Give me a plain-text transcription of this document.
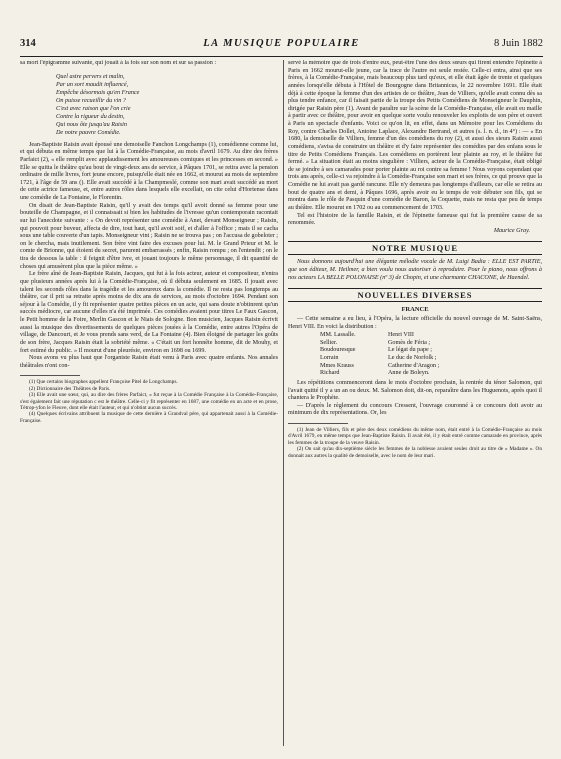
314	LA MUSIQUE POPULAIRE	8 Juin 1882

sa mort l'épigramme suivante, qui jouait à la fois sur son nom et sur sa passion :

Quel astre pervers et malin,

Par un sort maudit influencé,

Empêche désormais qu'en France

On puisse recueillir du vin ?

C'est avec raison que l'on crie

Contre la rigueur du destin,

Qui nous ôte jusqu'au Raisin

De notre pauvre Comédie.

Jean-Baptiste Raisin avait épousé une demoiselle Fanchon Longchamps (1), comédienne comme lui, et qui débuta en même temps que lui à la Comédie-Française, au mois d'avril 1679. Au dire des frères Parfaict (2), « elle remplit avec applaudissement les amoureuses comiques et les princesses en second. » Elle se quitta le théâtre qu'au bout de vingt-deux ans de service, à Pâques 1701, se retira avec la pension ordinaire de mille livres, fort jeune encore, puisqu'elle était née en 1662, et mourut au mois de septembre 1721, à l'âge de 59 ans (). Elle avait succédé à la Champmeslé, comme son mari avait succédé au mort de cette actrice fameuse, et, entre autres rôles dans lesquels elle excellait, on cite celui d'Hortense dans une comédie de La Fontaine, le Florentin.

On disait de Jean-Baptiste Raisin, qu'il y avait des temps qu'il avoit donné sa femme pour une bouteille de Champagne, et il connaissait si bien les habitudes de l'ivresse qu'un contemporain racontait sur lui l'anecdote suivante : « On devoit représenter une comédie à Anet, devant Monseigneur ; Raisin, qui pouvoit pour buveur, affecta de dire, tout haut, qu'il avoit soif, et d'aller à l'office ; mais il se cacha sous une table couverte d'un tapis. Monseigneur vint ; Raisin ne se trouva pas ; on l'accusa de gobeloter ; on le chercha, mais inutilement. Son frère vint faire des excuses pour lui. M. le Grand Prieur et M. le comte de Brionne, qui étoient du secret, parurent embarrassés ; enfin, Raisin rompu ; on l'entendit ; on le tira de dessous la table : il feignit d'être ivre, et jouant toujours le même personnage, il dit quantité de choses qui amusèrent plus que la pièce même. »

Le frère aîné de Jean-Baptiste Raisin, Jacques, qui fut à la fois acteur, auteur et compositeur, n'entra que plusieurs années après lui à la Comédie-Française, où il débuta seulement en 1685. Il jouait avec talent les seconds rôles dans la tragédie et les amoureux dans la comédie. Il ne resta pas longtemps au théâtre, car il prit sa retraite après moins de dix ans de services, au mois d'octobre 1694. Pendant son séjour à la Comédie, il y fit représenter quatre petites pièces en un acte, qui sans doute n'obtinrent qu'un succès médiocre, car aucune d'elles n'a été imprimée. Ces comédies avaient pour titres Le Faux Gascon, le Petit homme de la Foire, Merlin Gascon et le Niais de Sologne. Bon musicien, Jacques Raisin écrivit aussi la musique des divertissements de quelques pièces jouées à la Comédie, entre autres l'Opéra de village, de Dancourt, et Je vous prends sans verd, de La Fontaine (4). Bien éloigné de partager les goûts de son frère, Jacques Raisin était la sobriété même. « C'était un fort honnête homme, dit de Mouhy, et fort estimé du public. » Il mourut d'une pleurésie, environ en 1698 ou 1699.

Nous avons vu plus haut que l'organiste Raisin était venu à Paris avec quatre enfants. Nos annales théâtrales n'ont con-

(1) Que certains biographes appellent Françoise Pitel de Longchamps.

(2) Dictionnaire des Théâtres de Paris.

(3) Elle avait une sœur, qui, au dire des frères Parfaict, « fut reçue à la Comédie Française à la Comédie-Française, s'est également fait une réputation c est le théâtre. Celle-ci y fit représenter en 1687, une comédie en un acte et en prose, Tétrop-yfon le Fleuve, dont elle était l'auteur, et qui n'obtint aucun succès.

(4) Quelques écrivains attribuent la musique de cette dernière à Grandval père, qui appartenait aussi à la Comédie-Française.

servé la mémoire que de trois d'entre eux, peut-être l'une des deux sœurs qui firent entendre l'épinette à Paris en 1662 mourut-elle jeune, car la trace de l'autre est seule restée. Celle-ci entra, ainsi que ses frères, à la Comédie-Française, mais beaucoup plus tard qu'eux, et elle était âgée de trente et quelques années lorsqu'elle débuta à l'Hôtel de Bourgogne dans Britannicus, le 22 novembre 1691. Elle était déjà à cette époque la femme d'un des artistes de ce théâtre, Jean de Villiers, qu'elle avait connu dès sa plus tendre enfance, car il faisait partie de la troupe des Petits Comédiens de Monseigneur le Dauphin, dirigée par Raisin père (1). Avant de paraître sur la scène de la Comédie-Française, elle avait eu maille à partir avec ce théâtre, pour avoir en quelque sorte voulu renouveler les exploits de son père et ouvert à Paris un spectacle d'enfants. Voici ce qu'on lit, en effet, dans un Mémoire pour les Comédiens du Roy, contre Charles Dollet, Antoine Laplace, Alexandre Bertrand, et autres (s. l. n. d., in 4°) : — « En 1680, la demoiselle de Villiers, femme d'un des comédiens du roy (2), et aussi des sieurs Raisin aussi comédiens, s'avisa de construire un théâtre et d'y faire représenter des comédies par des enfans sous le titre de Petits Comédiens Français. Les comédiens en portèrent leur plainte au roy, et le théâtre fut fermé. » La situation était au moins singulière : Villiers, acteur de la Comédie-Française, était obligé de se joindre à ses camarades pour porter plainte au roi contre sa femme ! Nous voyons cependant que trois ans après, celle-ci va rejoindre à la Comédie-Française son mari et ses frères, ce qui prouve que la Comédie ne lui avait pas gardé rancune. Elle n'y demeura pas longtemps d'ailleurs, car elle se retira au bout de quatre ans et demi, à Pâques 1696, après avoir eu le temps de voir débuter son fils, qui se montra dans le rôle de Pasquin d'une comédie de Baron, la Coquette, mais ne resta que peu de temps au théâtre. Elle mourut en 1702 ou au commencement de 1703.

Tel est l'histoire de la famille Raisin, et de l'épinette fameuse qui fut la première cause de sa renommée.

Maurice Gray.

NOTRE MUSIQUE

Nous donnons aujourd'hui une élégante mélodie vocale de M. Luigi Badia : ELLE EST PARTIE, que son éditeur, M. Heilmer, a bien voulu nous autoriser à reproduire. Pour le piano, nous offrons à nos acteurs LA BELLE POLONAISE (nº 3) de Chopin, et une charmante CHACONE, de Haendel.

NOUVELLES DIVERSES
FRANCE

— Cette semaine a eu lieu, à l'Opéra, la lecture officielle du nouvel ouvrage de M. Saint-Saëns, Henri VIII. En voici la distribution :

MM. Lassalle.	Henri VIII
Sellier.	Gomès de Féria ;
Boudouresque	Le légat du pape ;
Lorrain	Le duc de Norfolk ;
Mmes Krauss	Catherine d'Aragon ;
Richard	Anne de Boleyn.

Les répétitions commenceront dans le mois d'octobre prochain, la rentrée du ténor Salomon, qui l'avait quitté il y a un an ou deux. M. Salomon doit, dit-on, reparaître dans les Huguenots, après quoi il chantera le Prophète.

— D'après le règlement du concours Cressent, l'ouvrage couronné à ce concours doit avoir au minimum de dix représentations. Or, les

(1) Jean de Villiers, fils et père des deux comédiens du même nom, était entré à la Comédie-Française au mois d'Avril 1679, en même temps que Jean-Baptiste Raisin. Il avait été, il y était entré comme camarade en province, après les femmes de la troupe de la veuve Raisin.

(2) On sait qu'au dix-septième siècle les femmes de la noblesse avaient seules droit au titre de « Madame ». On donnait aux autres la qualité de demoiselle, avec le nom de leur mari.
